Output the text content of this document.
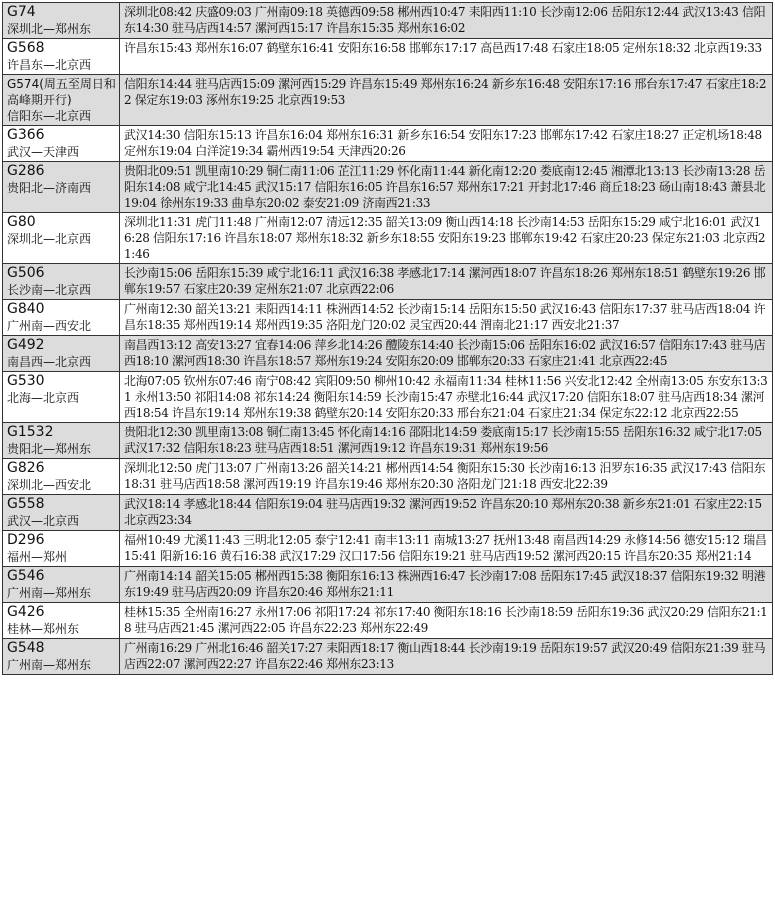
G74
深圳北—郑州东	深圳北08:42 庆盛09:03 广州南09:18 英德西09:58 郴州西10:47 耒阳西11:10 长沙南12:06 岳阳东12:44 武汉13:43 信阳东14:30 驻马店西14:57 漯河西15:17 许昌东15:35 郑州东16:02

G568
许昌东—北京西	许昌东15:43 郑州东16:07 鹤壁东16:41 安阳东16:58 邯郸东17:17 高邑西17:48 石家庄18:05 定州东18:32 北京西19:33

G574(周五至周日和高峰期开行)
信阳东—北京西	信阳东14:44 驻马店西15:09 漯河西15:29 许昌东15:49 郑州东16:24 新乡东16:48 安阳东17:16 邢台东17:47 石家庄18:22 保定东19:03 涿州东19:25 北京西19:53

G366
武汉—天津西	武汉14:30 信阳东15:13 许昌东16:04 郑州东16:31 新乡东16:54 安阳东17:23 邯郸东17:42 石家庄18:27 正定机场18:48 定州东19:04 白洋淀19:34 霸州西19:54 天津西20:26

G286
贵阳北—济南西	贵阳北09:51 凯里南10:29 铜仁南11:06 芷江11:29 怀化南11:44 新化南12:20 娄底南12:45 湘潭北13:13 长沙南13:28 岳阳东14:08 咸宁北14:45 武汉15:17 信阳东16:05 许昌东16:57 郑州东17:21 开封北17:46 商丘18:23 砀山南18:43 萧县北19:04 徐州东19:33 曲阜东20:02 泰安21:09 济南西21:33

G80
深圳北—北京西	深圳北11:31 虎门11:48 广州南12:07 清远12:35 韶关13:09 衡山西14:18 长沙南14:53 岳阳东15:29 咸宁北16:01 武汉16:28 信阳东17:16 许昌东18:07 郑州东18:32 新乡东18:55 安阳东19:23 邯郸东19:42 石家庄20:23 保定东21:03 北京西21:46

G506
长沙南—北京西	长沙南15:06 岳阳东15:39 咸宁北16:11 武汉16:38 孝感北17:14 漯河西18:07 许昌东18:26 郑州东18:51 鹤壁东19:26 邯郸东19:57 石家庄20:39 定州东21:07 北京西22:06

G840
广州南—西安北	广州南12:30 韶关13:21 耒阳西14:11 株洲西14:52 长沙南15:14 岳阳东15:50 武汉16:43 信阳东17:37 驻马店西18:04 许昌东18:35 郑州西19:14 郑州西19:35 洛阳龙门20:02 灵宝西20:44 渭南北21:17 西安北21:37

G492
南昌西—北京西	南昌西13:12 高安13:27 宜春14:06 萍乡北14:26 醴陵东14:40 长沙南15:06 岳阳东16:02 武汉16:57 信阳东17:43 驻马店西18:10 漯河西18:30 许昌东18:57 郑州东19:24 安阳东20:09 邯郸东20:33 石家庄21:41 北京西22:45

G530
北海—北京西	北海07:05 钦州东07:46 南宁08:42 宾阳09:50 柳州10:42 永福南11:34 桂林11:56 兴安北12:42 全州南13:05 东安东13:31 永州13:50 祁阳14:08 祁东14:24 衡阳东14:59 长沙南15:47 赤壁北16:44 武汉17:20 信阳东18:07 驻马店西18:34 漯河西18:54 许昌东19:14 郑州东19:38 鹤壁东20:14 安阳东20:33 邢台东21:04 石家庄21:34 保定东22:12 北京西22:55

G1532
贵阳北—郑州东	贵阳北12:30 凯里南13:08 铜仁南13:45 怀化南14:16 邵阳北14:59 娄底南15:17 长沙南15:55 岳阳东16:32 咸宁北17:05 武汉17:32 信阳东18:23 驻马店西18:51 漯河西19:12 许昌东19:31 郑州东19:56

G826
深圳北—西安北	深圳北12:50 虎门13:07 广州南13:26 韶关14:21 郴州西14:54 衡阳东15:30 长沙南16:13 汨罗东16:35 武汉17:43 信阳东18:31 驻马店西18:58 漯河西19:19 许昌东19:46 郑州东20:30 洛阳龙门21:18 西安北22:39

G558
武汉—北京西	武汉18:14 孝感北18:44 信阳东19:04 驻马店西19:32 漯河西19:52 许昌东20:10 郑州东20:38 新乡东21:01 石家庄22:15 北京西23:34

D296
福州—郑州	福州10:49 尤溪11:43 三明北12:05 泰宁12:41 南丰13:11 南城13:27 抚州13:48 南昌西14:29 永修14:56 德安15:12 瑞昌15:41 阳新16:16 黄石16:38 武汉17:29 汉口17:56 信阳东19:21 驻马店西19:52 漯河西20:15 许昌东20:35 郑州21:14

G546
广州南—郑州东	广州南14:14 韶关15:05 郴州西15:38 衡阳东16:13 株洲西16:47 长沙南17:08 岳阳东17:45 武汉18:37 信阳东19:32 明港东19:49 驻马店西20:09 许昌东20:46 郑州东21:11

G426
桂林—郑州东	桂林15:35 全州南16:27 永州17:06 祁阳17:24 祁东17:40 衡阳东18:16 长沙南18:59 岳阳东19:36 武汉20:29 信阳东21:18 驻马店西21:45 漯河西22:05 许昌东22:23 郑州东22:49

G548
广州南—郑州东	广州南16:29 广州北16:46 韶关17:27 耒阳西18:17 衡山西18:44 长沙南19:19 岳阳东19:57 武汉20:49 信阳东21:39 驻马店西22:07 漯河西22:27 许昌东22:46 郑州东23:13
